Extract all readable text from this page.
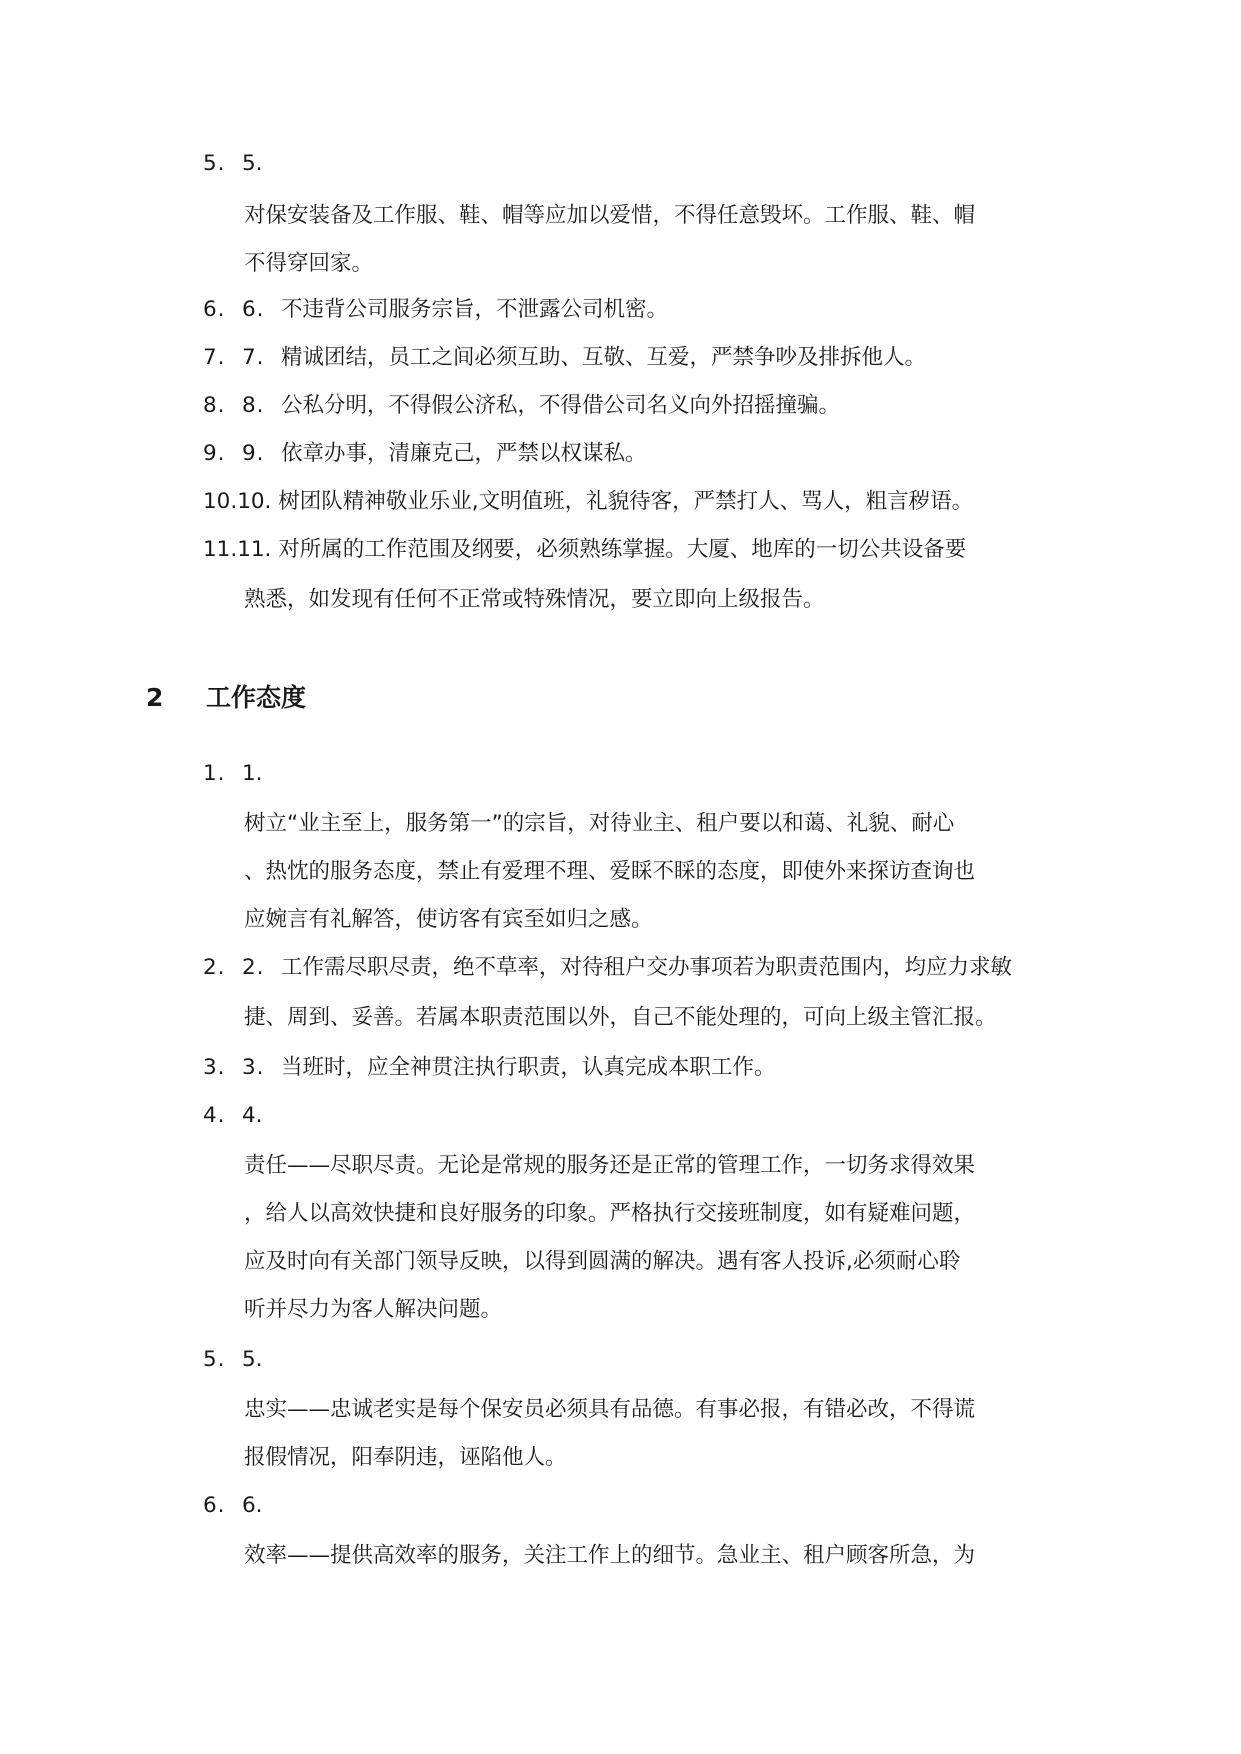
5. 5.
对保安装备及工作服、鞋、帽等应加以爱惜，不得任意毁坏。工作服、鞋、帽
不得穿回家。
6. 6. 不违背公司服务宗旨，不泄露公司机密。
7. 7. 精诚团结，员工之间必须互助、互敬、互爱，严禁争吵及排拆他人。
8. 8. 公私分明，不得假公济私，不得借公司名义向外招摇撞骗。
9. 9. 依章办事，清廉克己，严禁以权谋私。
10.10. 树团队精神敬业乐业,文明值班，礼貌待客，严禁打人、骂人，粗言秽语。
11.11. 对所属的工作范围及纲要，必须熟练掌握。大厦、地库的一切公共设备要
熟悉，如发现有任何不正常或特殊情况，要立即向上级报告。
2 工作态度
1. 1.
树立“业主至上，服务第一”的宗旨，对待业主、租户要以和蔼、礼貌、耐心
、热忱的服务态度，禁止有爱理不理、爱睬不睬的态度，即使外来探访查询也
应婉言有礼解答，使访客有宾至如归之感。
2. 2. 工作需尽职尽责，绝不草率，对待租户交办事项若为职责范围内，均应力求敏
捷、周到、妥善。若属本职责范围以外，自己不能处理的，可向上级主管汇报。
3. 3. 当班时，应全神贯注执行职责，认真完成本职工作。
4. 4.
责任——尽职尽责。无论是常规的服务还是正常的管理工作，一切务求得效果
，给人以高效快捷和良好服务的印象。严格执行交接班制度，如有疑难问题，
应及时向有关部门领导反映，以得到圆满的解决。遇有客人投诉,必须耐心聆
听并尽力为客人解决问题。
5. 5.
忠实——忠诚老实是每个保安员必须具有品德。有事必报，有错必改，不得谎
报假情况，阳奉阴违，诬陷他人。
6. 6.
效率——提供高效率的服务，关注工作上的细节。急业主、租户顾客所急，为
